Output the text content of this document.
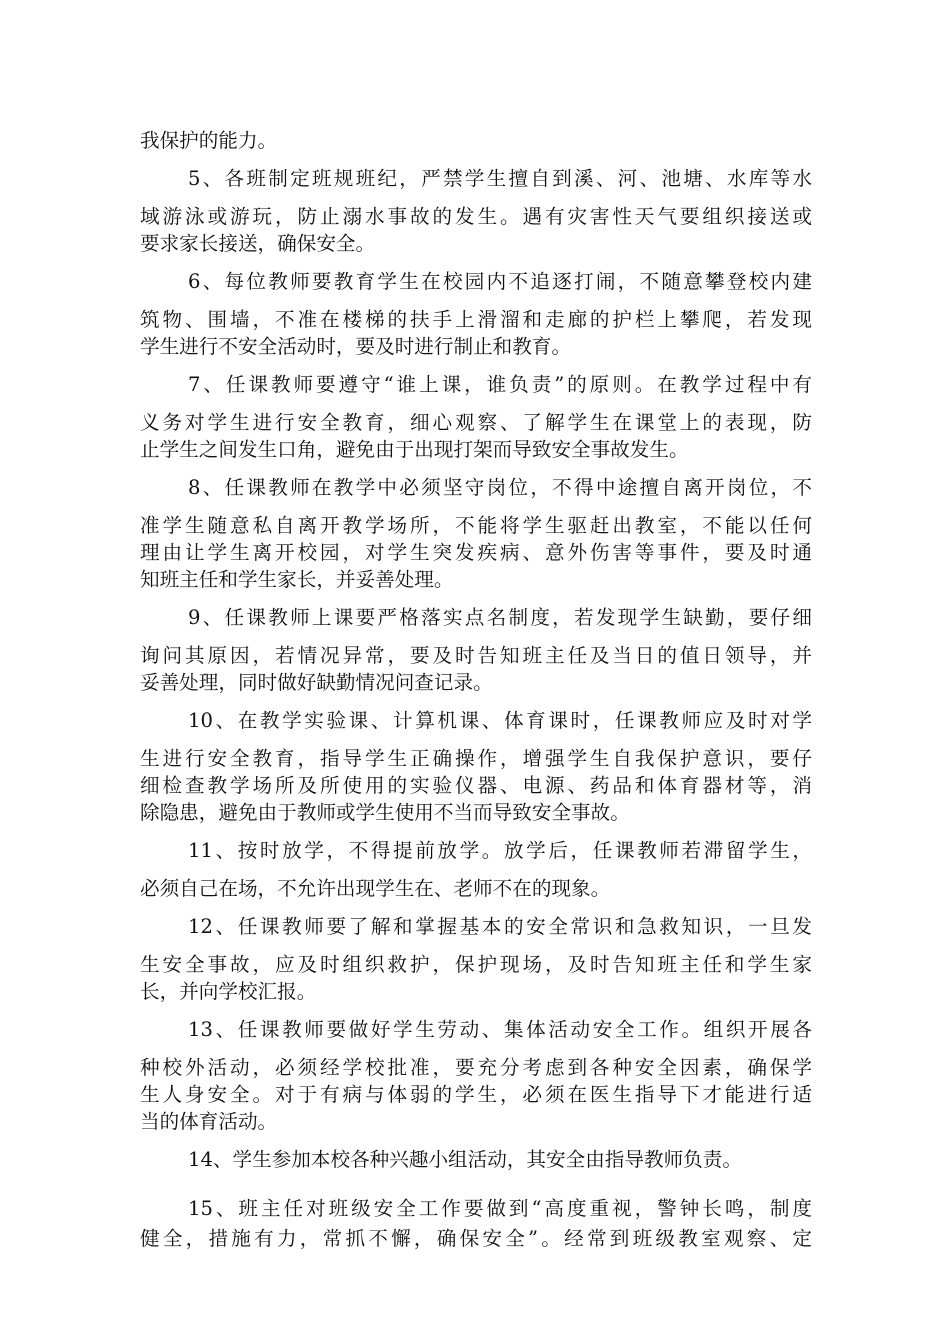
我保护的能力。
5、各班制定班规班纪，严禁学生擅自到溪、河、池塘、水库等水
域游泳或游玩，防止溺水事故的发生。遇有灾害性天气要组织接送或
要求家长接送，确保安全。
6、每位教师要教育学生在校园内不追逐打闹，不随意攀登校内建
筑物、围墙，不准在楼梯的扶手上滑溜和走廊的护栏上攀爬，若发现
学生进行不安全活动时，要及时进行制止和教育。
7、任课教师要遵守“谁上课，谁负责”的原则。在教学过程中有
义务对学生进行安全教育，细心观察、了解学生在课堂上的表现，防
止学生之间发生口角，避免由于出现打架而导致安全事故发生。
8、任课教师在教学中必须坚守岗位，不得中途擅自离开岗位，不
准学生随意私自离开教学场所，不能将学生驱赶出教室，不能以任何
理由让学生离开校园，对学生突发疾病、意外伤害等事件，要及时通
知班主任和学生家长，并妥善处理。
9、任课教师上课要严格落实点名制度，若发现学生缺勤，要仔细
询问其原因，若情况异常，要及时告知班主任及当日的值日领导，并
妥善处理，同时做好缺勤情况问查记录。
10、在教学实验课、计算机课、体育课时，任课教师应及时对学
生进行安全教育，指导学生正确操作，增强学生自我保护意识，要仔
细检查教学场所及所使用的实验仪器、电源、药品和体育器材等，消
除隐患，避免由于教师或学生使用不当而导致安全事故。
11、按时放学，不得提前放学。放学后，任课教师若滞留学生，
必须自己在场，不允许出现学生在、老师不在的现象。
12、任课教师要了解和掌握基本的安全常识和急救知识，一旦发
生安全事故，应及时组织救护，保护现场，及时告知班主任和学生家
长，并向学校汇报。
13、任课教师要做好学生劳动、集体活动安全工作。组织开展各
种校外活动，必须经学校批准，要充分考虑到各种安全因素，确保学
生人身安全。对于有病与体弱的学生，必须在医生指导下才能进行适
当的体育活动。
14、学生参加本校各种兴趣小组活动，其安全由指导教师负责。
15、班主任对班级安全工作要做到“高度重视，警钟长鸣，制度
健全，措施有力，常抓不懈，确保安全”。经常到班级教室观察、定
